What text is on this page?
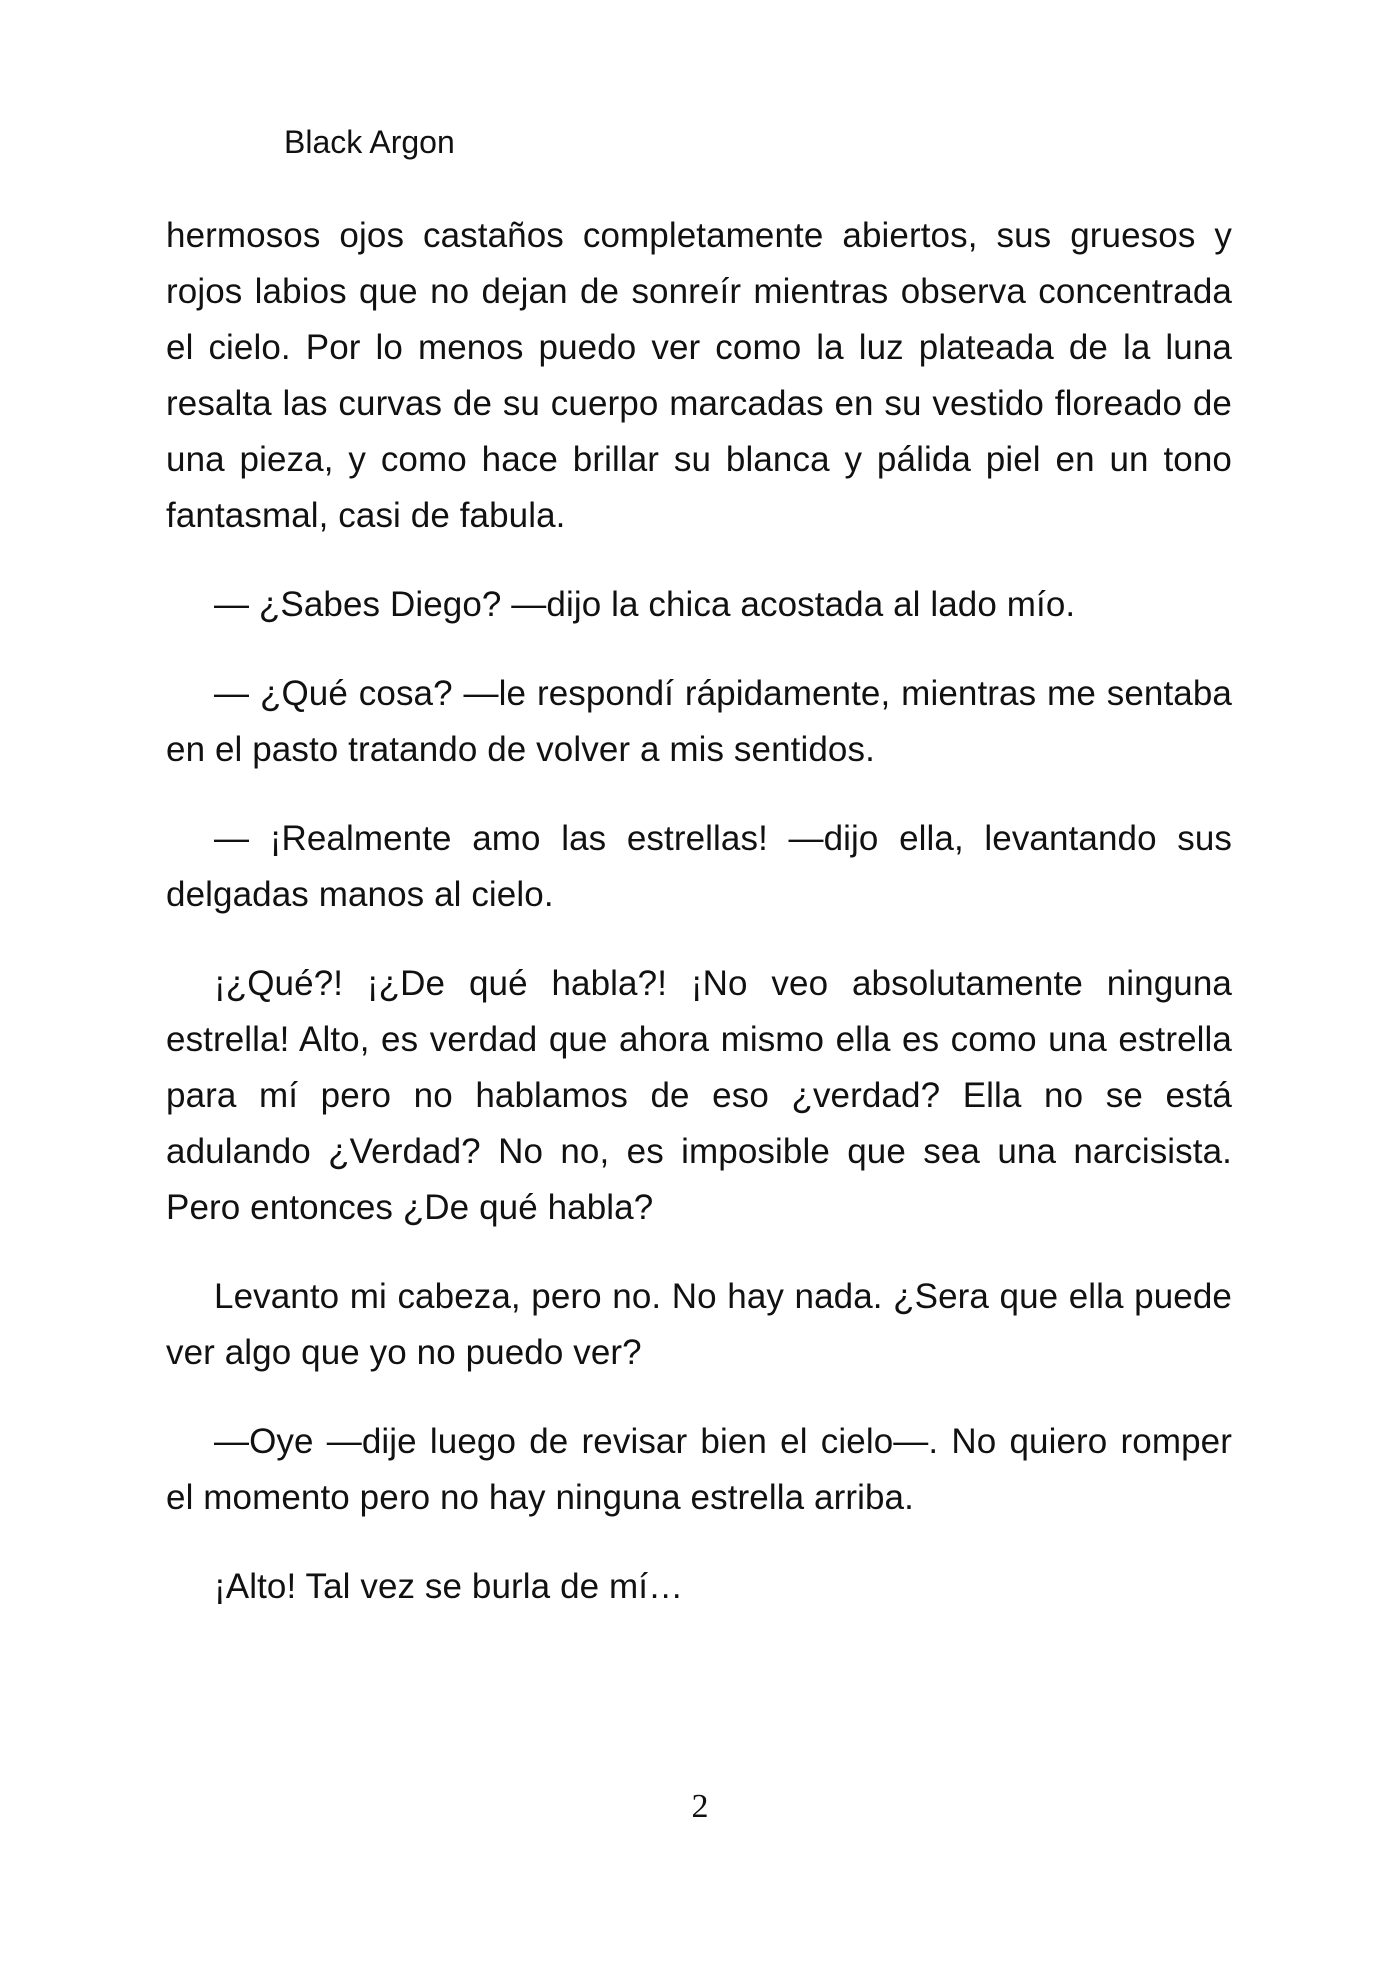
Black Argon

hermosos ojos castaños completamente abiertos, sus gruesos y rojos labios que no dejan de sonreír mientras observa concentrada el cielo. Por lo menos puedo ver como la luz plateada de la luna resalta las curvas de su cuerpo marcadas en su vestido floreado de una pieza, y como hace brillar su blanca y pálida piel en un tono fantasmal, casi de fabula.

— ¿Sabes Diego? —dijo la chica acostada al lado mío.

— ¿Qué cosa? —le respondí rápidamente, mientras me sentaba en el pasto tratando de volver a mis sentidos.

— ¡Realmente amo las estrellas! —dijo ella, levantando sus delgadas manos al cielo.

¡¿Qué?! ¡¿De qué habla?! ¡No veo absolutamente ninguna estrella! Alto, es verdad que ahora mismo ella es como una estrella para mí pero no hablamos de eso ¿verdad? Ella no se está adulando ¿Verdad? No no, es imposible que sea una narcisista. Pero entonces ¿De qué habla?

Levanto mi cabeza, pero no. No hay nada. ¿Sera que ella puede ver algo que yo no puedo ver?

—Oye —dije luego de revisar bien el cielo—. No quiero romper el momento pero no hay ninguna estrella arriba.

¡Alto! Tal vez se burla de mí…

2
